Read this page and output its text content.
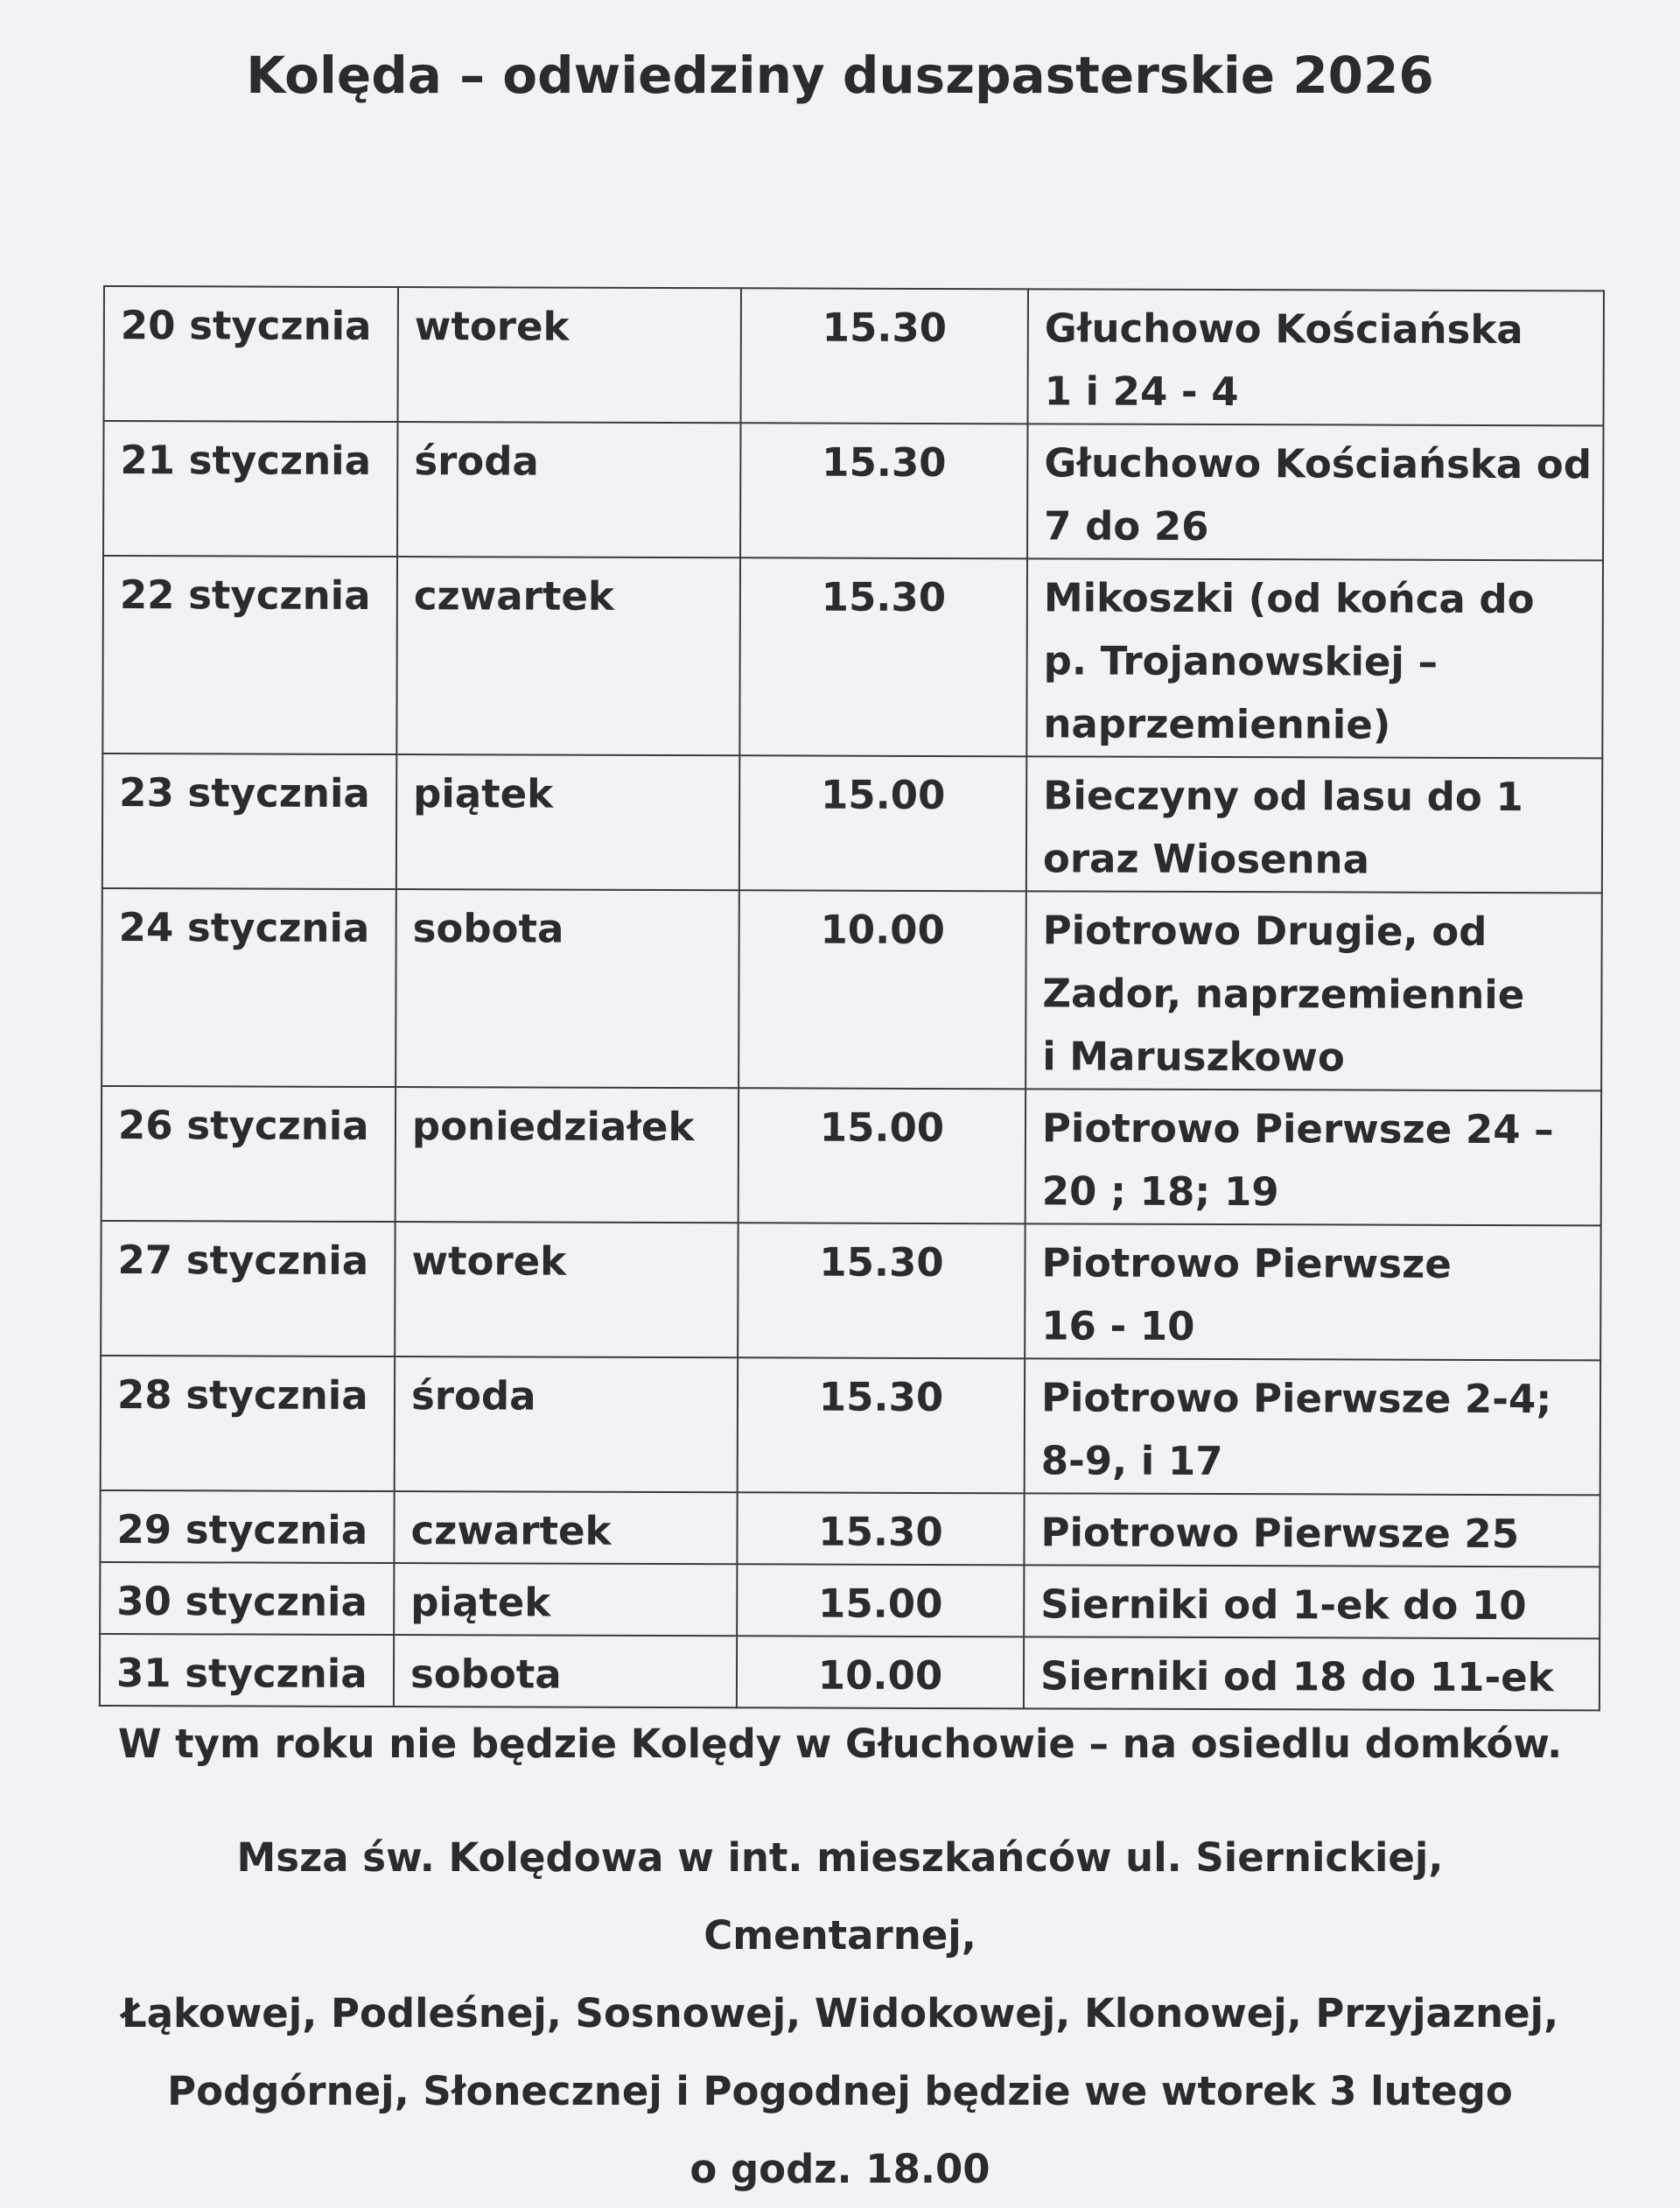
Kolęda – odwiedziny duszpasterskie 2026
20 stycznia	wtorek	15.30	Głuchowo Kościańska
1 i 24 - 4

21 stycznia	środa	15.30	Głuchowo Kościańska od
7 do 26

22 stycznia	czwartek	15.30	Mikoszki (od końca do
p. Trojanowskiej –
naprzemiennie)

23 stycznia	piątek	15.00	Bieczyny od lasu do 1
oraz Wiosenna

24 stycznia	sobota	10.00	Piotrowo Drugie, od
Zador, naprzemiennie
i Maruszkowo

26 stycznia	poniedziałek	15.00	Piotrowo Pierwsze 24 –
20 ; 18; 19

27 stycznia	wtorek	15.30	Piotrowo Pierwsze
16 - 10

28 stycznia	środa	15.30	Piotrowo Pierwsze 2-4;
8-9, i 17

29 stycznia	czwartek	15.30	Piotrowo Pierwsze 25

30 stycznia	piątek	15.00	Sierniki od 1-ek do 10

31 stycznia	sobota	10.00	Sierniki od 18 do 11-ek
W tym roku nie będzie Kolędy w Głuchowie – na osiedlu domków.
Msza św. Kolędowa w int. mieszkańców ul. Siernickiej, Cmentarnej,
Łąkowej, Podleśnej, Sosnowej, Widokowej, Klonowej, Przyjaznej,
Podgórnej, Słonecznej i Pogodnej będzie we wtorek 3 lutego
o godz. 18.00
